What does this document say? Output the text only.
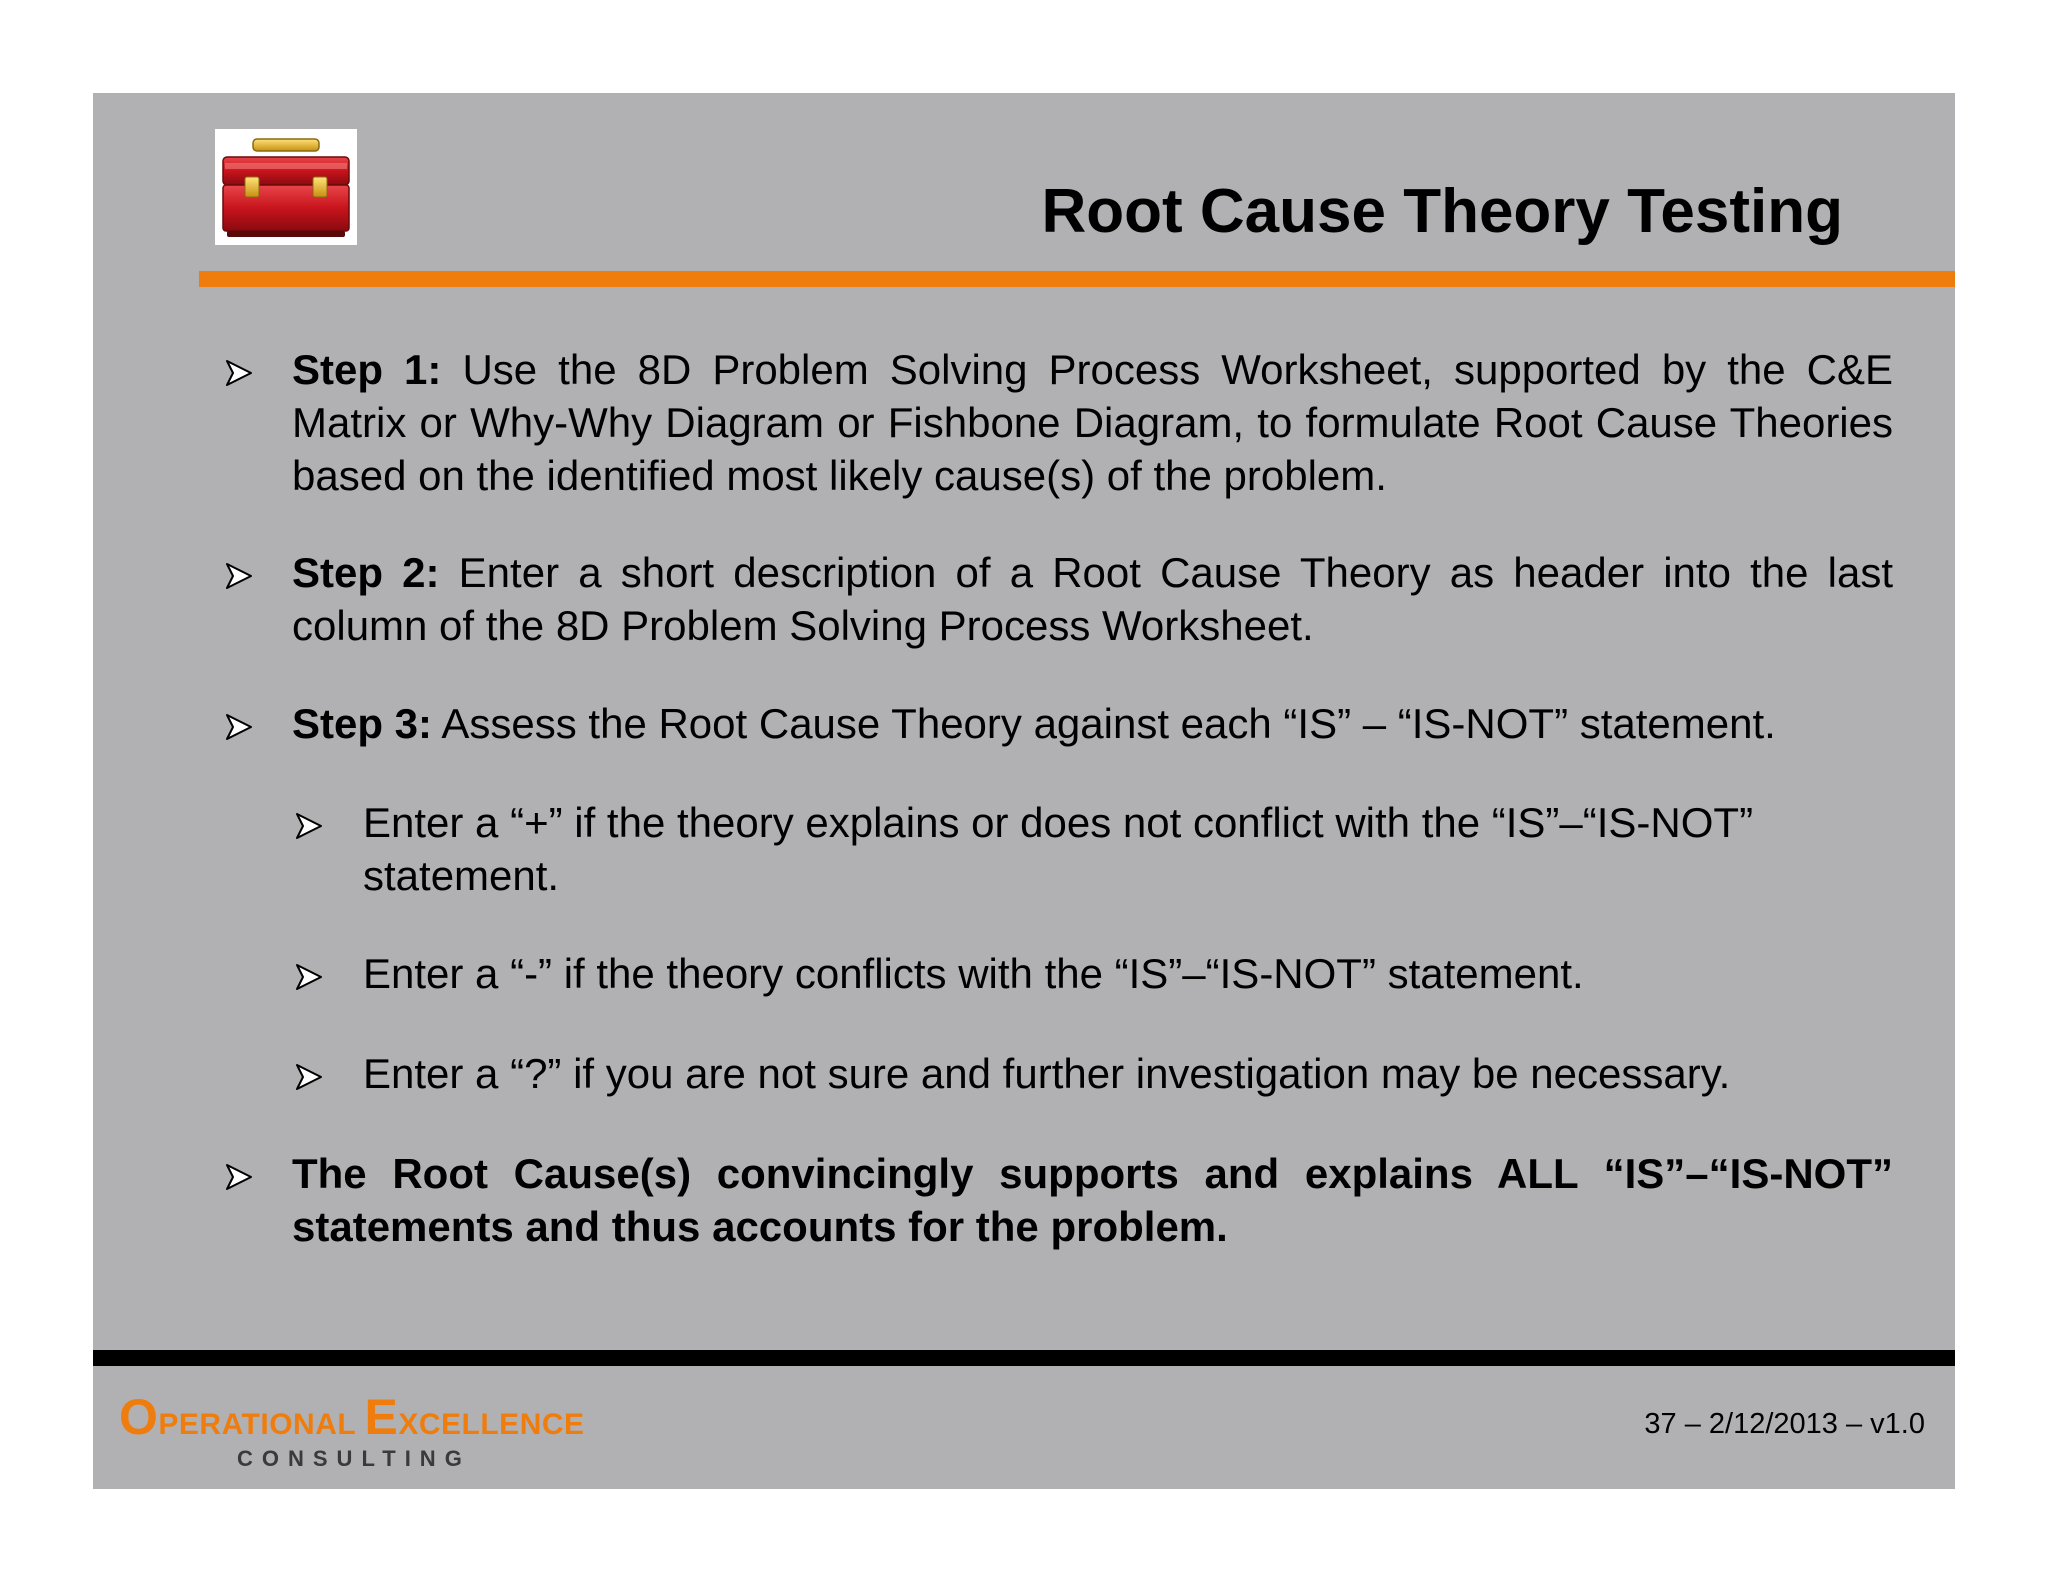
Root Cause Theory Testing
Step 1: Use the 8D Problem Solving Process Worksheet, supported by the C&E Matrix or Why-Why Diagram or Fishbone Diagram, to formulate Root Cause Theories based on the identified most likely cause(s) of the problem.
Step 2: Enter a short description of a Root Cause Theory as header into the last column of the 8D Problem Solving Process Worksheet.
Step 3: Assess the Root Cause Theory against each “IS” – “IS-NOT” statement.
Enter a “+” if the theory explains or does not conflict with the “IS”–“IS-NOT” statement.
Enter a “-” if the theory conflicts with the “IS”–“IS-NOT” statement.
Enter a “?” if you are not sure and further investigation may be necessary.
The Root Cause(s) convincingly supports and explains ALL “IS”–“IS-NOT” statements and thus accounts for the problem.
OPERATIONAL EXCELLENCE
CONSULTING
37 – 2/12/2013 – v1.0
